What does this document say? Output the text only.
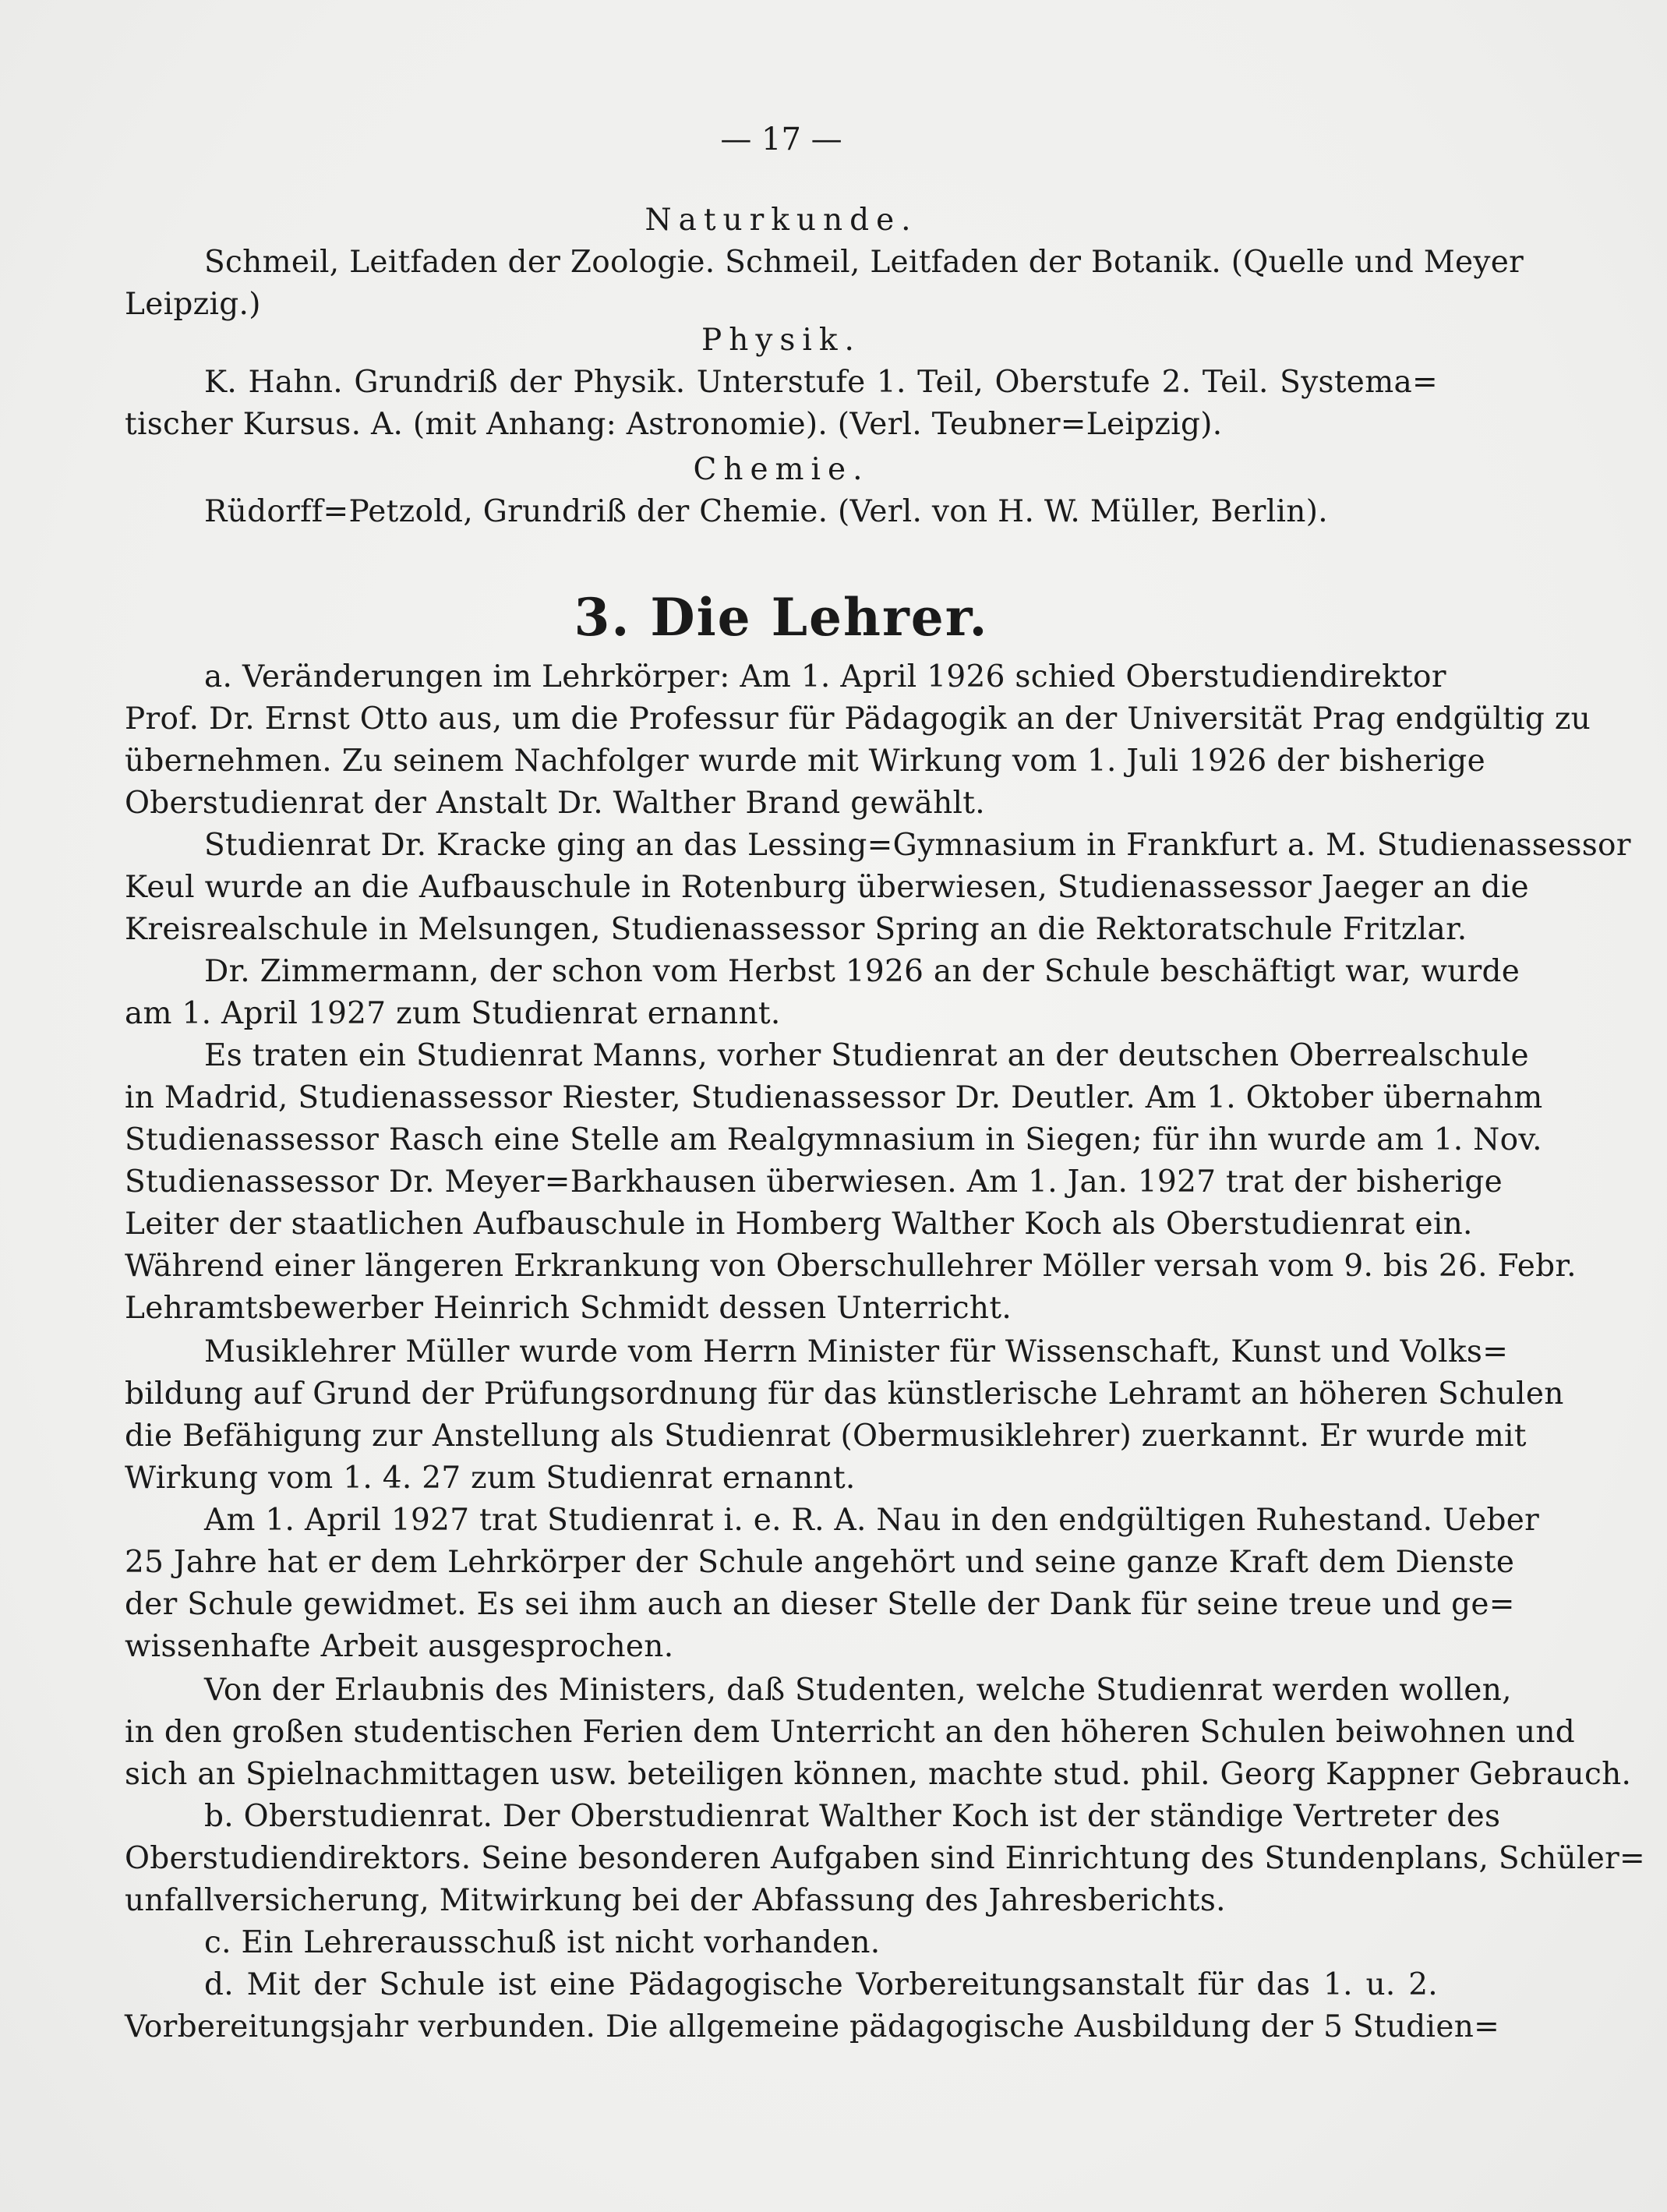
— 17 —
Naturkunde.
Schmeil, Leitfaden der Zoologie. Schmeil, Leitfaden der Botanik. (Quelle und Meyer
Leipzig.)
Physik.
K. Hahn. Grundriß der Physik. Unterstufe 1. Teil, Oberstufe 2. Teil. Systema=
tischer Kursus. A. (mit Anhang: Astronomie). (Verl. Teubner=Leipzig).
Chemie.
Rüdorff=Petzold, Grundriß der Chemie. (Verl. von H. W. Müller, Berlin).
3. Die Lehrer.
a. Veränderungen im Lehrkörper: Am 1. April 1926 schied Oberstudiendirektor
Prof. Dr. Ernst Otto aus, um die Professur für Pädagogik an der Universität Prag endgültig zu
übernehmen. Zu seinem Nachfolger wurde mit Wirkung vom 1. Juli 1926 der bisherige
Oberstudienrat der Anstalt Dr. Walther Brand gewählt.
Studienrat Dr. Kracke ging an das Lessing=Gymnasium in Frankfurt a. M. Studienassessor
Keul wurde an die Aufbauschule in Rotenburg überwiesen, Studienassessor Jaeger an die
Kreisrealschule in Melsungen, Studienassessor Spring an die Rektoratschule Fritzlar.
Dr. Zimmermann, der schon vom Herbst 1926 an der Schule beschäftigt war, wurde
am 1. April 1927 zum Studienrat ernannt.
Es traten ein Studienrat Manns, vorher Studienrat an der deutschen Oberrealschule
in Madrid, Studienassessor Riester, Studienassessor Dr. Deutler. Am 1. Oktober übernahm
Studienassessor Rasch eine Stelle am Realgymnasium in Siegen; für ihn wurde am 1. Nov.
Studienassessor Dr. Meyer=Barkhausen überwiesen. Am 1. Jan. 1927 trat der bisherige
Leiter der staatlichen Aufbauschule in Homberg Walther Koch als Oberstudienrat ein.
Während einer längeren Erkrankung von Oberschullehrer Möller versah vom 9. bis 26. Febr.
Lehramtsbewerber Heinrich Schmidt dessen Unterricht.
Musiklehrer Müller wurde vom Herrn Minister für Wissenschaft, Kunst und Volks=
bildung auf Grund der Prüfungsordnung für das künstlerische Lehramt an höheren Schulen
die Befähigung zur Anstellung als Studienrat (Obermusiklehrer) zuerkannt. Er wurde mit
Wirkung vom 1. 4. 27 zum Studienrat ernannt.
Am 1. April 1927 trat Studienrat i. e. R. A. Nau in den endgültigen Ruhestand. Ueber
25 Jahre hat er dem Lehrkörper der Schule angehört und seine ganze Kraft dem Dienste
der Schule gewidmet. Es sei ihm auch an dieser Stelle der Dank für seine treue und ge=
wissenhafte Arbeit ausgesprochen.
Von der Erlaubnis des Ministers, daß Studenten, welche Studienrat werden wollen,
in den großen studentischen Ferien dem Unterricht an den höheren Schulen beiwohnen und
sich an Spielnachmittagen usw. beteiligen können, machte stud. phil. Georg Kappner Gebrauch.
b. Oberstudienrat. Der Oberstudienrat Walther Koch ist der ständige Vertreter des
Oberstudiendirektors. Seine besonderen Aufgaben sind Einrichtung des Stundenplans, Schüler=
unfallversicherung, Mitwirkung bei der Abfassung des Jahresberichts.
c. Ein Lehrerausschuß ist nicht vorhanden.
d. Mit der Schule ist eine Pädagogische Vorbereitungsanstalt für das 1. u. 2.
Vorbereitungsjahr verbunden. Die allgemeine pädagogische Ausbildung der 5 Studien=
